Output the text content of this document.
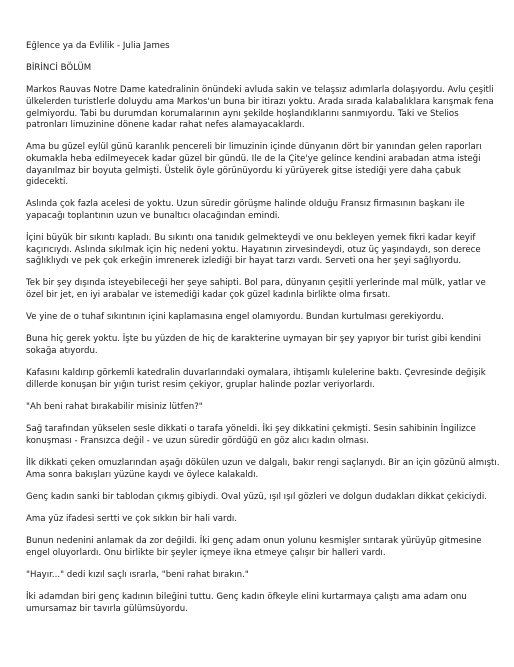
Eğlence ya da Evlilik - Julia James

BİRİNCİ BÖLÜM

Markos Rauvas Notre Dame katedralinin önündeki avluda sakin ve telaşsız adımlarla dolaşıyordu. Avlu çeşitli ülkelerden turistlerle doluydu ama Markos'un buna bir itirazı yoktu. Arada sırada kalabalıklara karışmak fena gelmiyordu. Tabi bu durumdan korumalarının aynı şekilde hoşlandıklarını sanmıyordu. Taki ve Stelios patronları limuzinine dönene kadar rahat nefes alamayacaklardı.

Ama bu güzel eylül günü karanlık pencereli bir limuzinin içinde dünyanın dört bir yanından gelen raporları okumakla heba edilmeyecek kadar güzel bir gündü. Ile de la Çite'ye gelince kendini arabadan atma isteği dayanılmaz bir boyuta gelmişti. Üstelik öyle görünüyordu ki yürüyerek gitse istediği yere daha çabuk gidecekti.

Aslında çok fazla acelesi de yoktu. Uzun süredir görüşme halinde olduğu Fransız firmasının başkanı ile yapacağı toplantının uzun ve bunaltıcı olacağından emindi.

İçini büyük bir sıkıntı kapladı. Bu sıkıntı ona tanıdık gelmekteydi ve onu bekleyen yemek fikri kadar keyif kaçırıcıydı. Aslında sıkılmak için hiç nedeni yoktu. Hayatının zirvesindeydi, otuz üç yaşındaydı, son derece sağlıklıydı ve pek çok erkeğin imrenerek izlediği bir hayat tarzı vardı. Serveti ona her şeyi sağlıyordu.

Tek bir şey dışında isteyebileceği her şeye sahipti. Bol para, dünyanın çeşitli yerlerinde mal mülk, yatlar ve özel bir jet, en iyi arabalar ve istemediği kadar çok güzel kadınla birlikte olma fırsatı.

Ve yine de o tuhaf sıkıntının içini kaplamasına engel olamıyordu. Bundan kurtulması gerekiyordu.

Buna hiç gerek yoktu. İşte bu yüzden de hiç de karakterine uymayan bir şey yapıyor bir turist gibi kendini sokağa atıyordu.

Kafasını kaldırıp görkemli katedralin duvarlarındaki oymalara, ihtişamlı kulelerine baktı. Çevresinde değişik dillerde konuşan bir yığın turist resim çekiyor, gruplar halinde pozlar veriyorlardı.

"Ah beni rahat bırakabilir misiniz lütfen?"

Sağ tarafından yükselen sesle dikkati o tarafa yöneldi. İki şey dikkatini çekmişti. Sesin sahibinin İngilizce konuşması - Fransızca değil - ve uzun süredir gördüğü en göz alıcı kadın olması.

İlk dikkati çeken omuzlarından aşağı dökülen uzun ve dalgalı, bakır rengi saçlarıydı. Bir an için gözünü almıştı. Ama sonra bakışları yüzüne kaydı ve öylece kalakaldı.

Genç kadın sanki bir tablodan çıkmış gibiydi. Oval yüzü, ışıl ışıl gözleri ve dolgun dudakları dikkat çekiciydi.

Ama yüz ifadesi sertti ve çok sıkkın bir hali vardı.

Bunun nedenini anlamak da zor değildi. İki genç adam onun yolunu kesmişler sırıtarak yürüyüp gitmesine engel oluyorlardı. Onu birlikte bir şeyler içmeye ikna etmeye çalışır bir halleri vardı.

"Hayır..." dedi kızıl saçlı ısrarla, "beni rahat bırakın."

İki adamdan biri genç kadının bileğini tuttu. Genç kadın öfkeyle elini kurtarmaya çalıştı ama adam onu umursamaz bir tavırla gülümsüyordu.
